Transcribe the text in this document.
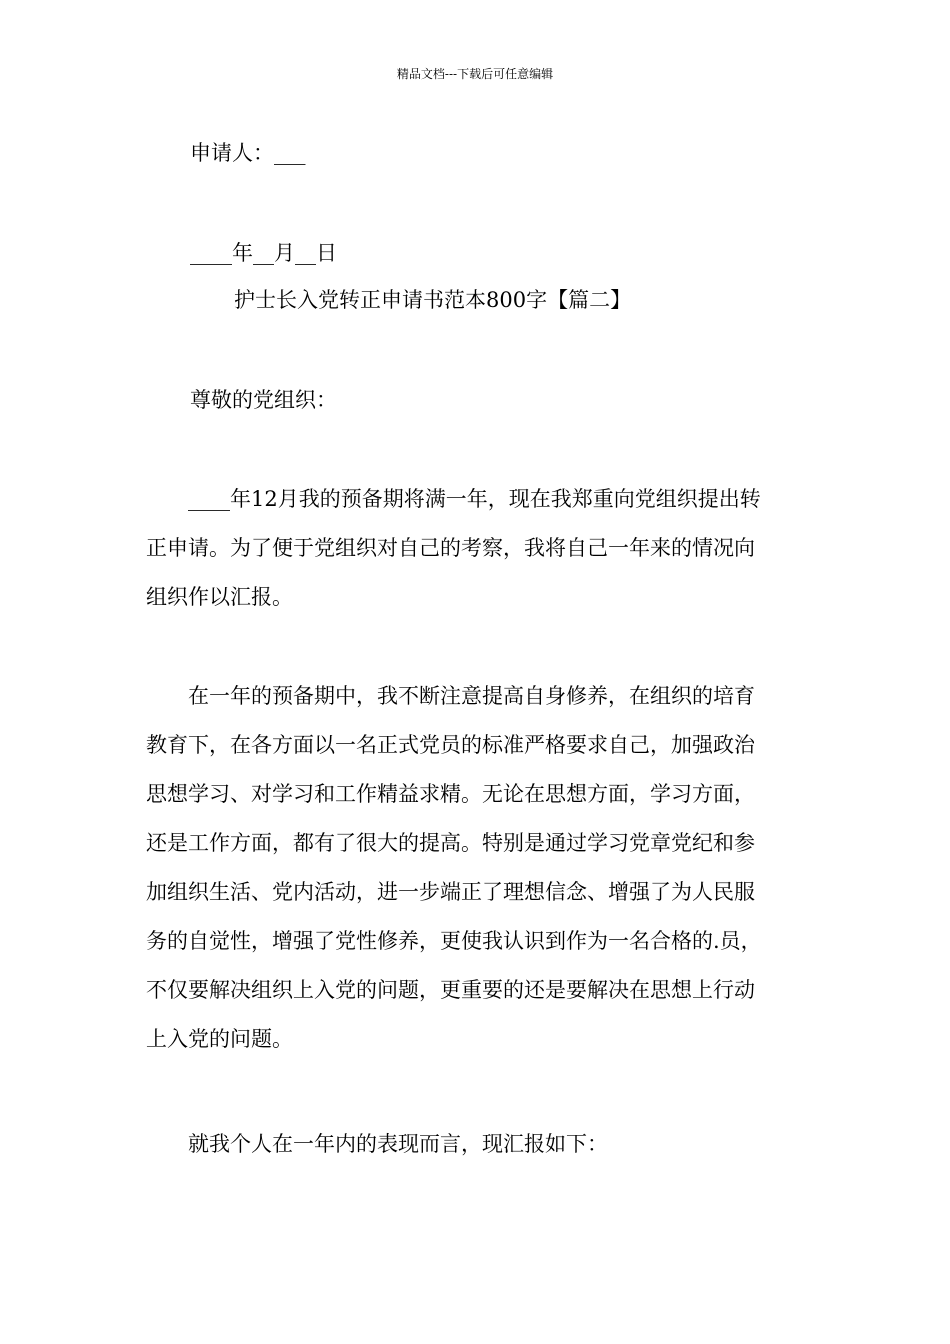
精品文档---下载后可任意编辑
申请人：___
____年__月__日
护士长入党转正申请书范本800字【篇二】
尊敬的党组织：
　　____年12月我的预备期将满一年，现在我郑重向党组织提出转
正申请。为了便于党组织对自己的考察，我将自己一年来的情况向
组织作以汇报。
　　在一年的预备期中，我不断注意提高自身修养，在组织的培育
教育下，在各方面以一名正式党员的标准严格要求自己，加强政治
思想学习、对学习和工作精益求精。无论在思想方面，学习方面，
还是工作方面，都有了很大的提高。特别是通过学习党章党纪和参
加组织生活、党内活动，进一步端正了理想信念、增强了为人民服
务的自觉性，增强了党性修养，更使我认识到作为一名合格的.员，
不仅要解决组织上入党的问题，更重要的还是要解决在思想上行动
上入党的问题。
　　就我个人在一年内的表现而言，现汇报如下：
